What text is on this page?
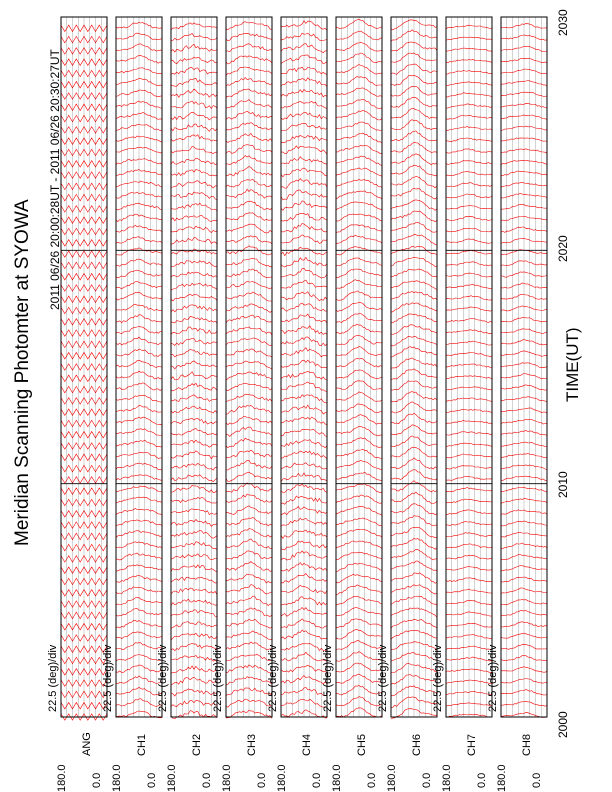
Meridian Scanning Photomter at SYOWA
2011 06/26 20:00:28UT - 2011 06/26 20:30:27UT
TIME(UT)
2000
2010
2020
2030
22.5 (deg)/div
ANG
180.0 0.0
22.5 (deg)/div
CH1
180.0 0.0
22.5 (deg)/div
CH2
180.0 0.0
22.5 (deg)/div
CH3
180.0 0.0
22.5 (deg)/div
CH4
180.0 0.0
22.5 (deg)/div
CH5
180.0 0.0
22.5 (deg)/div
CH6
180.0 0.0
22.5 (deg)/div
CH7
180.0 0.0
22.5 (deg)/div
CH8
180.0 0.0
